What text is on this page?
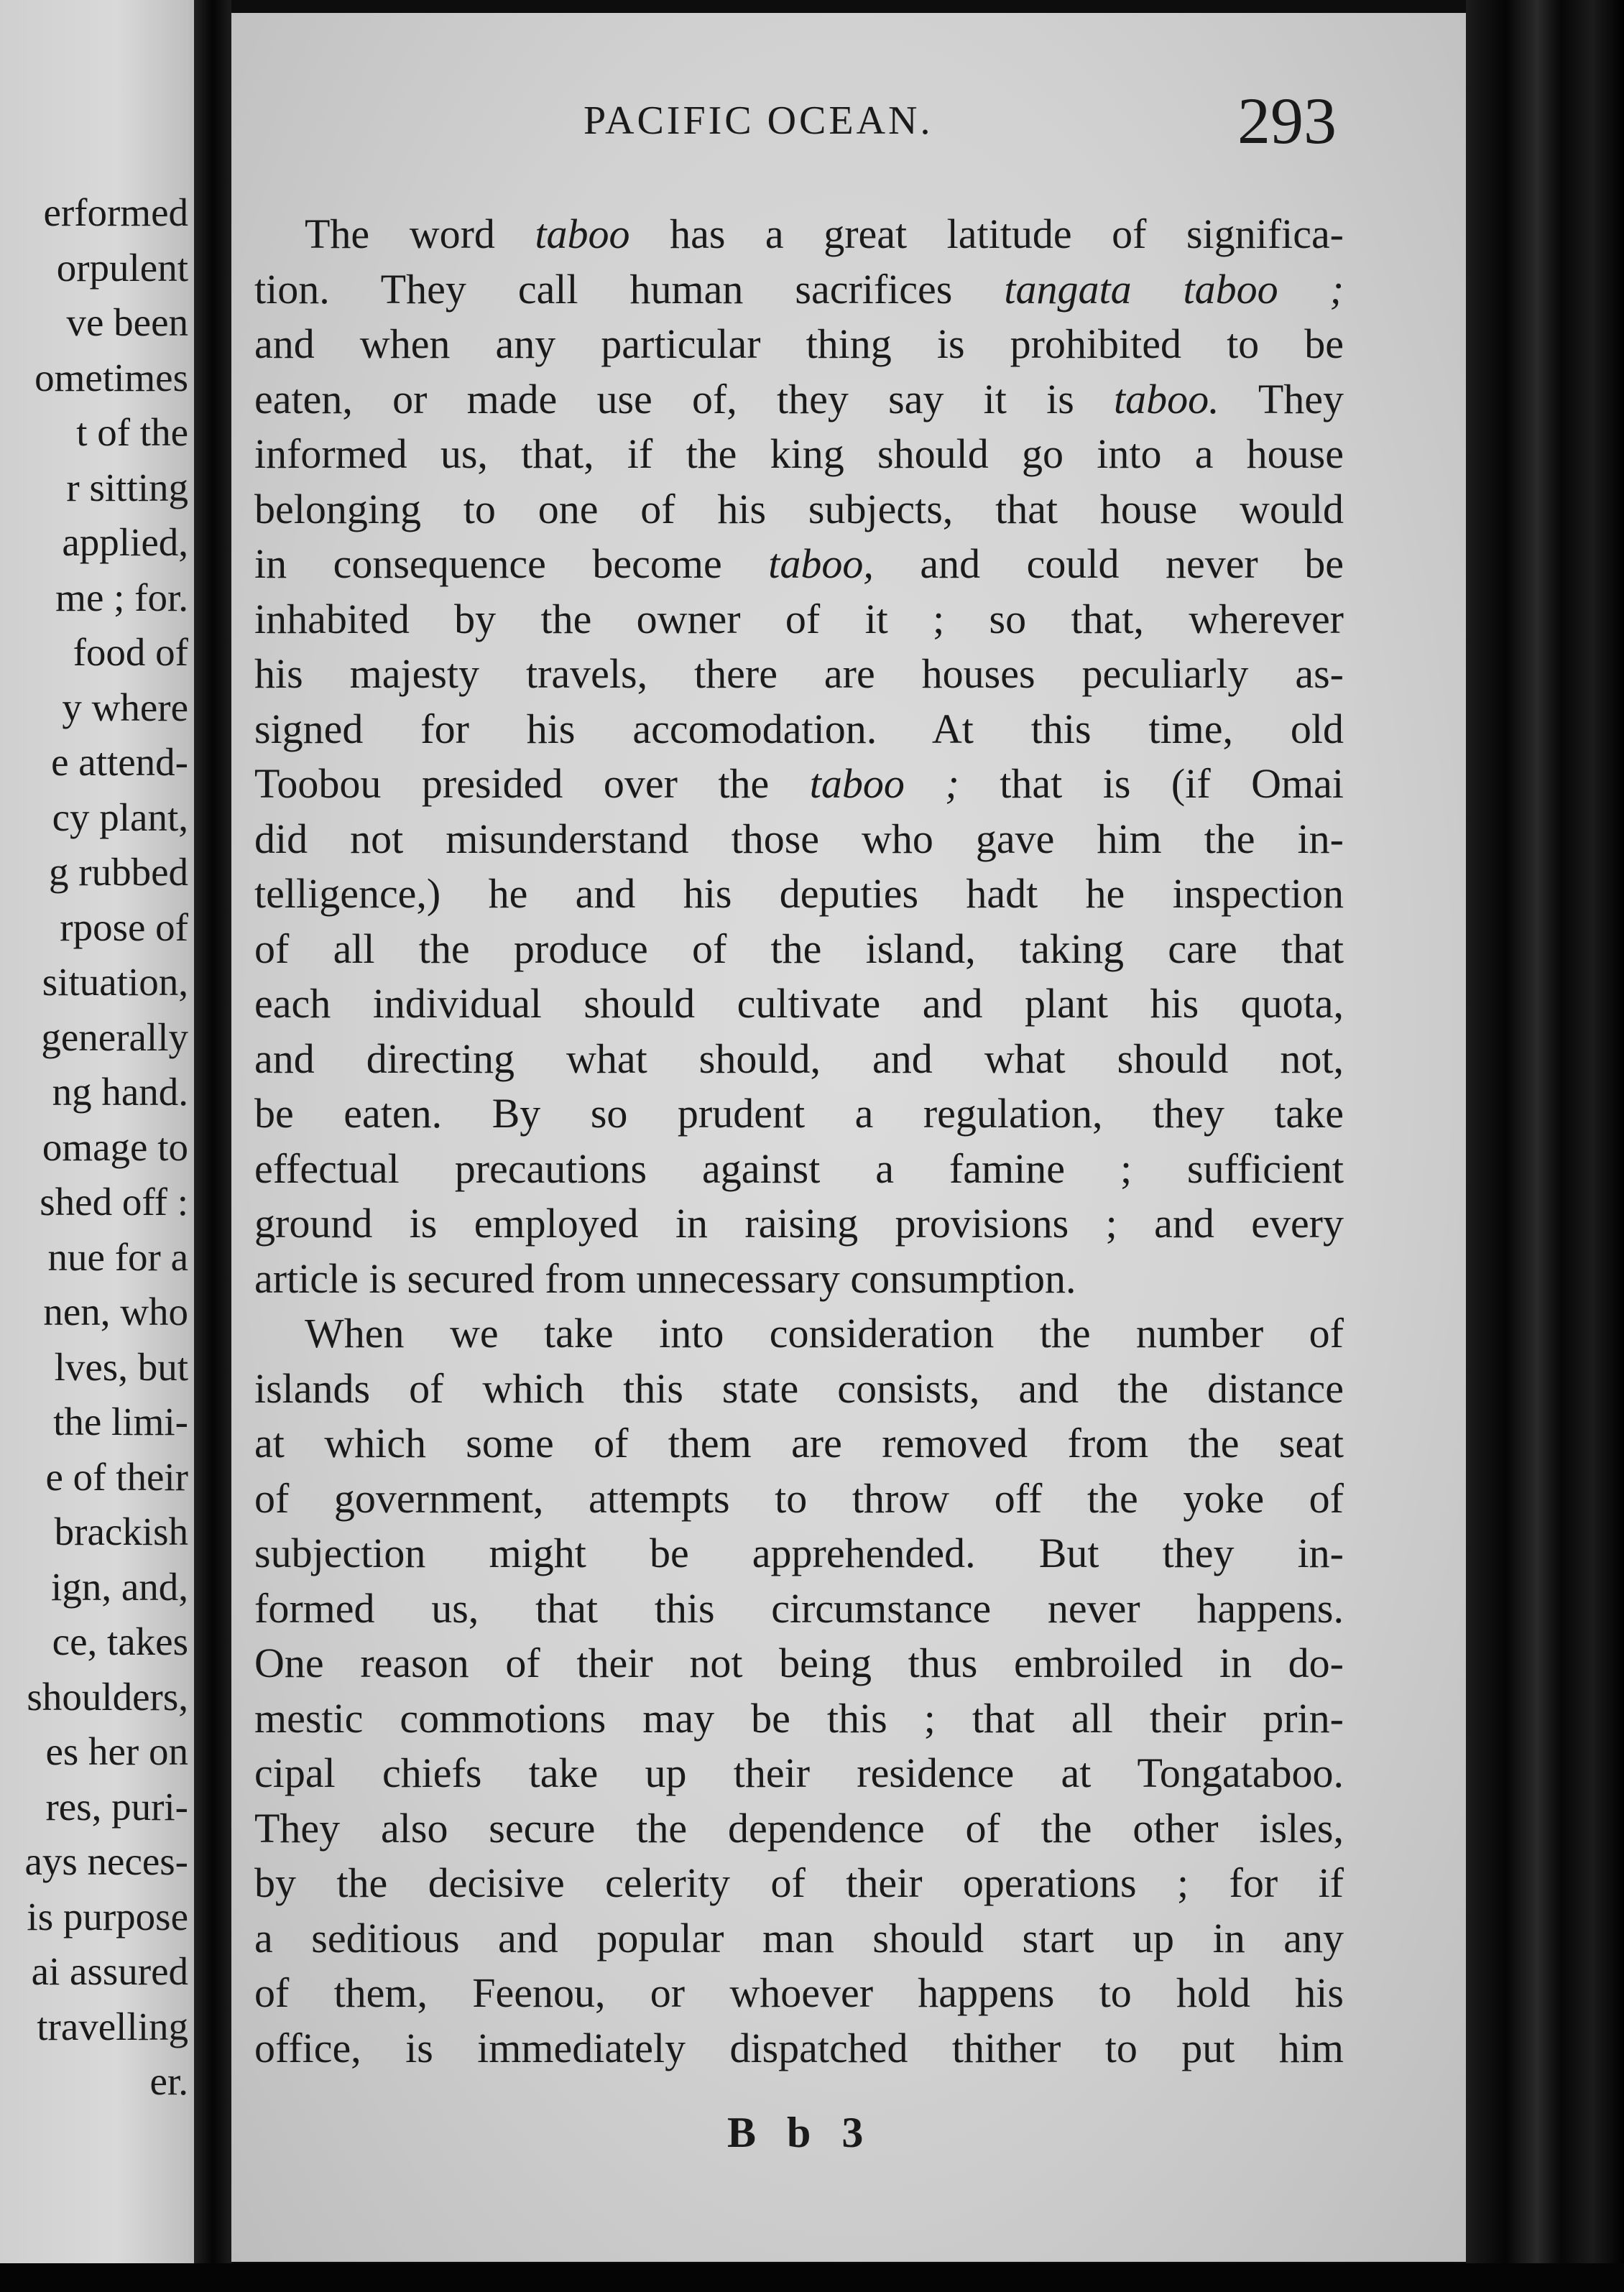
erformed
orpulent
ve been
ometimes
t of the
r sitting
applied,
me ; for.
food of
y where
e attend-
cy plant,
g rubbed
rpose of
situation,
generally
ng hand.
omage to
shed off :
nue for a
nen, who
lves, but
the limi-
e of their
brackish
ign, and,
ce, takes
shoulders,
es her on
res, puri-
ays neces-
is purpose
ai assured
travelling
er.
PACIFIC OCEAN.	293
The word taboo has a great latitude of significa-
tion. They call human sacrifices tangata taboo ;
and when any particular thing is prohibited to be
eaten, or made use of, they say it is taboo. They
informed us, that, if the king should go into a house
belonging to one of his subjects, that house would
in consequence become taboo, and could never be
inhabited by the owner of it ; so that, wherever
his majesty travels, there are houses peculiarly as-
signed for his accomodation. At this time, old
Toobou presided over the taboo ; that is (if Omai
did not misunderstand those who gave him the in-
telligence,) he and his deputies hadt he inspection
of all the produce of the island, taking care that
each individual should cultivate and plant his quota,
and directing what should, and what should not,
be eaten. By so prudent a regulation, they take
effectual precautions against a famine ; sufficient
ground is employed in raising provisions ; and every
article is secured from unnecessary consumption.
When we take into consideration the number of
islands of which this state consists, and the distance
at which some of them are removed from the seat
of government, attempts to throw off the yoke of
subjection might be apprehended. But they in-
formed us, that this circumstance never happens.
One reason of their not being thus embroiled in do-
mestic commotions may be this ; that all their prin-
cipal chiefs take up their residence at Tongataboo.
They also secure the dependence of the other isles,
by the decisive celerity of their operations ; for if
a seditious and popular man should start up in any
of them, Feenou, or whoever happens to hold his
office, is immediately dispatched thither to put him
B b 3
